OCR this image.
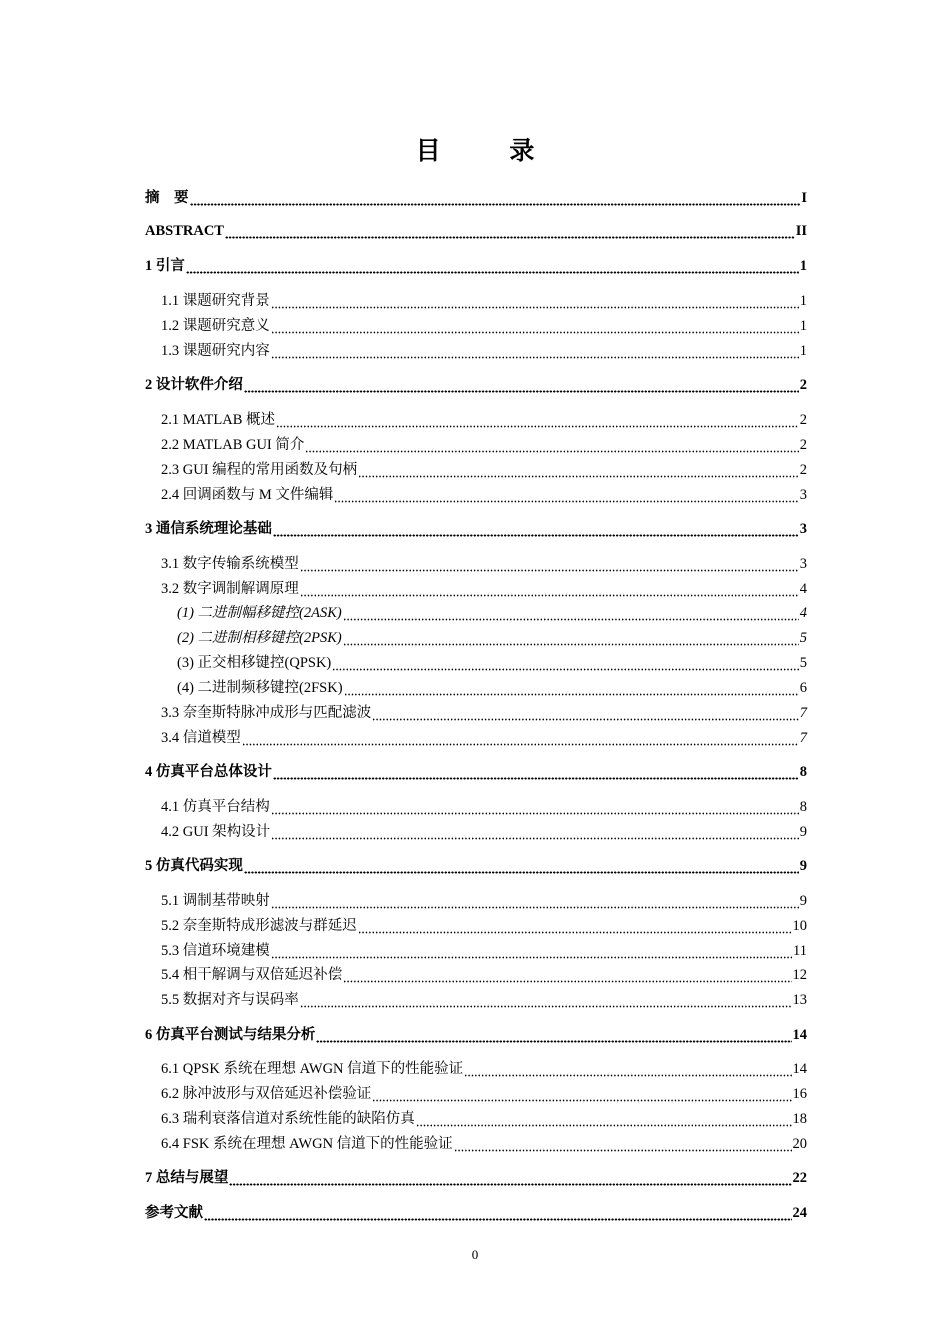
目 录
摘　要	I
ABSTRACT	II
1 引言	1
1.1 课题研究背景	1
1.2 课题研究意义	1
1.3 课题研究内容	1
2 设计软件介绍	2
2.1 MATLAB 概述	2
2.2 MATLAB GUI 简介	2
2.3 GUI 编程的常用函数及句柄	2
2.4 回调函数与 M 文件编辑	3
3 通信系统理论基础	3
3.1 数字传输系统模型	3
3.2 数字调制解调原理	4
(1) 二进制幅移键控(2ASK)	4
(2) 二进制相移键控(2PSK)	5
(3) 正交相移键控(QPSK)	5
(4) 二进制频移键控(2FSK)	6
3.3 奈奎斯特脉冲成形与匹配滤波	7
3.4 信道模型	7
4 仿真平台总体设计	8
4.1 仿真平台结构	8
4.2 GUI 架构设计	9
5 仿真代码实现	9
5.1 调制基带映射	9
5.2 奈奎斯特成形滤波与群延迟	10
5.3 信道环境建模	11
5.4 相干解调与双倍延迟补偿	12
5.5 数据对齐与误码率	13
6 仿真平台测试与结果分析	14
6.1 QPSK 系统在理想 AWGN 信道下的性能验证	14
6.2 脉冲波形与双倍延迟补偿验证	16
6.3 瑞利衰落信道对系统性能的缺陷仿真	18
6.4 FSK 系统在理想 AWGN 信道下的性能验证	20
7 总结与展望	22
参考文献	24
0
